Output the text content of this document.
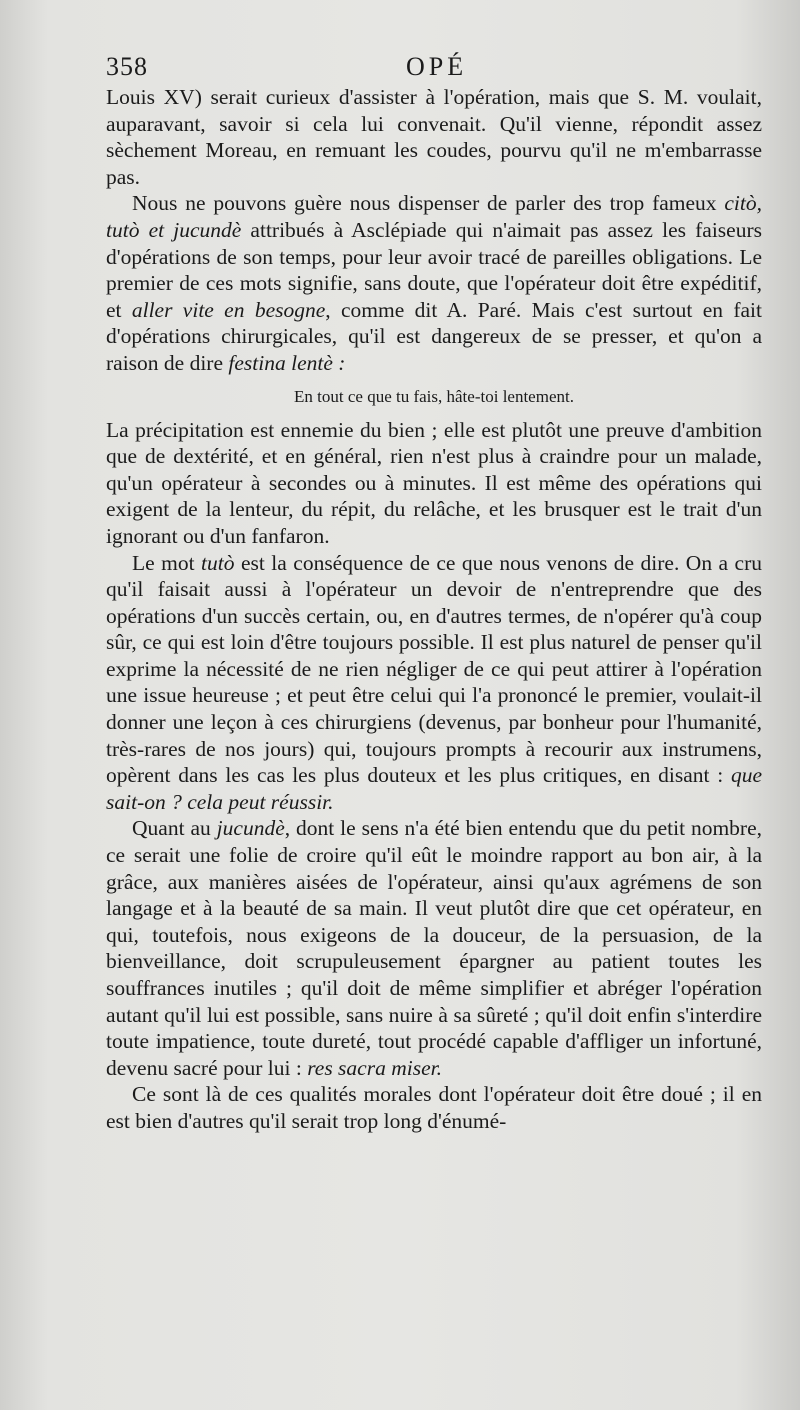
358	OPÉ

Louis XV) serait curieux d'assister à l'opération, mais que S. M. voulait, auparavant, savoir si cela lui convenait. Qu'il vienne, répondit assez sèchement Moreau, en remuant les coudes, pourvu qu'il ne m'embarrasse pas.

Nous ne pouvons guère nous dispenser de parler des trop fameux citò, tutò et jucundè attribués à Asclépiade qui n'aimait pas assez les faiseurs d'opérations de son temps, pour leur avoir tracé de pareilles obligations. Le premier de ces mots signifie, sans doute, que l'opérateur doit être expéditif, et aller vite en besogne, comme dit A. Paré. Mais c'est surtout en fait d'opérations chirurgicales, qu'il est dangereux de se presser, et qu'on a raison de dire festina lentè :

En tout ce que tu fais, hâte-toi lentement.

La précipitation est ennemie du bien ; elle est plutôt une preuve d'ambition que de dextérité, et en général, rien n'est plus à craindre pour un malade, qu'un opérateur à secondes ou à minutes. Il est même des opérations qui exigent de la lenteur, du répit, du relâche, et les brusquer est le trait d'un ignorant ou d'un fanfaron.

Le mot tutò est la conséquence de ce que nous venons de dire. On a cru qu'il faisait aussi à l'opérateur un devoir de n'entreprendre que des opérations d'un succès certain, ou, en d'autres termes, de n'opérer qu'à coup sûr, ce qui est loin d'être toujours possible. Il est plus naturel de penser qu'il exprime la nécessité de ne rien négliger de ce qui peut attirer à l'opération une issue heureuse ; et peut être celui qui l'a prononcé le premier, voulait-il donner une leçon à ces chirurgiens (devenus, par bonheur pour l'humanité, très-rares de nos jours) qui, toujours prompts à recourir aux instrumens, opèrent dans les cas les plus douteux et les plus critiques, en disant : que sait-on ? cela peut réussir.

Quant au jucundè, dont le sens n'a été bien entendu que du petit nombre, ce serait une folie de croire qu'il eût le moindre rapport au bon air, à la grâce, aux manières aisées de l'opérateur, ainsi qu'aux agrémens de son langage et à la beauté de sa main. Il veut plutôt dire que cet opérateur, en qui, toutefois, nous exigeons de la douceur, de la persuasion, de la bienveillance, doit scrupuleusement épargner au patient toutes les souffrances inutiles ; qu'il doit de même simplifier et abréger l'opération autant qu'il lui est possible, sans nuire à sa sûreté ; qu'il doit enfin s'interdire toute impatience, toute dureté, tout procédé capable d'affliger un infortuné, devenu sacré pour lui : res sacra miser.

Ce sont là de ces qualités morales dont l'opérateur doit être doué ; il en est bien d'autres qu'il serait trop long d'énumé-
